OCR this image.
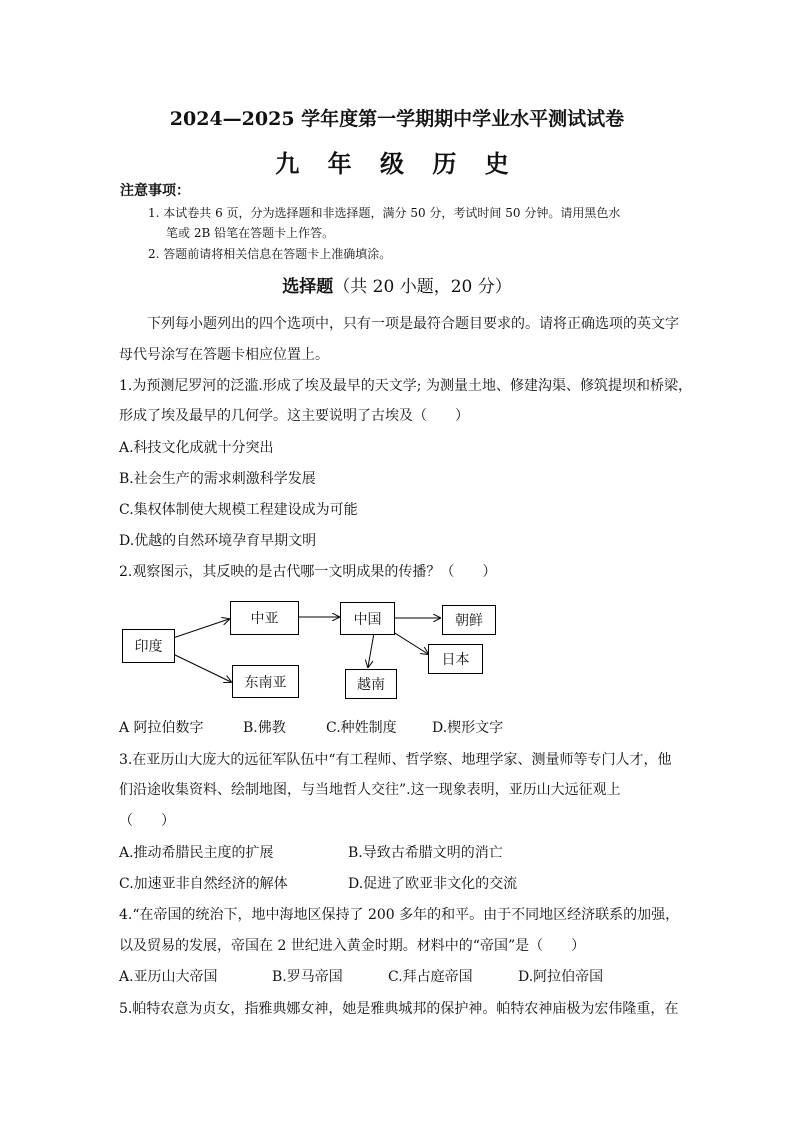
2024—2025 学年度第一学期期中学业水平测试试卷
九 年 级 历 史
注意事项：
1. 本试卷共 6 页，分为选择题和非选择题，满分 50 分，考试时间 50 分钟。请用黑色水
笔或 2B 铅笔在答题卡上作答。
2. 答题前请将相关信息在答题卡上准确填涂。
选择题（共 20 小题，20 分）
下列每小题列出的四个选项中，只有一项是最符合题目要求的。请将正确选项的英文字
母代号涂写在答题卡相应位置上。
1.为预测尼罗河的泛滥.形成了埃及最早的天文学; 为测量土地、修建沟渠、修筑提坝和桥梁，
形成了埃及最早的几何学。这主要说明了古埃及（　　）
A.科技文化成就十分突出
B.社会生产的需求刺激科学发展
C.集权体制使大规模工程建设成为可能
D.优越的自然环境孕育早期文明
2.观察图示，其反映的是古代哪一文明成果的传播？（　　）
印度
中亚
东南亚
中国	朝鲜
日本
越南
A 阿拉伯数字	B.佛教	C.种姓制度	D.楔形文字
3.在亚历山大庞大的远征军队伍中“有工程师、哲学察、地理学家、测量师等专门人才，他
们沿途收集资料、绘制地图，与当地哲人交往”.这一现象表明，亚历山大远征观上
（　　）
A.推动希腊民主度的扩展	B.导致古希腊文明的消亡
C.加速亚非自然经济的解体	D.促进了欧亚非文化的交流
4.“在帝国的统治下，地中海地区保持了 200 多年的和平。由于不同地区经济联系的加强，
以及贸易的发展，帝国在 2 世纪进入黄金时期。材料中的“帝国”是（　　）
A.亚历山大帝国	B.罗马帝国	C.拜占庭帝国	D.阿拉伯帝国
5.帕特农意为贞女，指雅典娜女神，她是雅典城邦的保护神。帕特农神庙极为宏伟隆重，在
